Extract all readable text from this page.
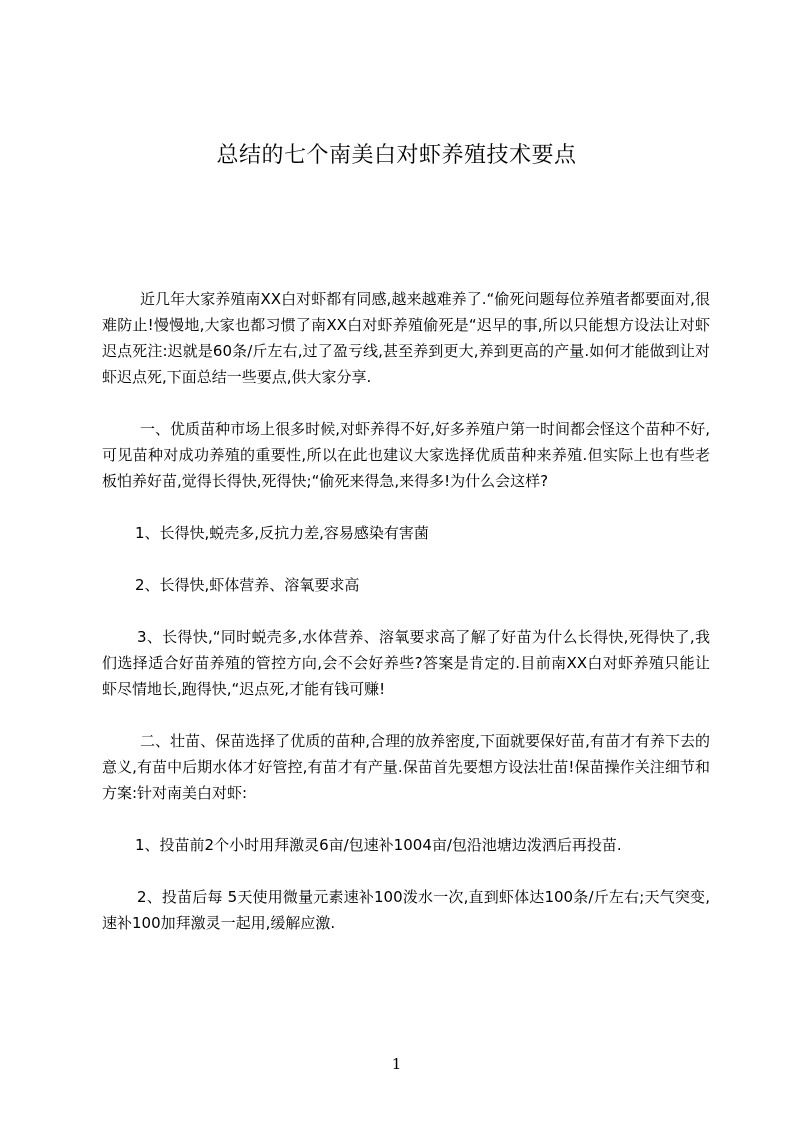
总结的七个南美白对虾养殖技术要点

近几年大家养殖南XX白对虾都有同感,越来越难养了.“偷死问题每位养殖者都要面对,很难防止!慢慢地,大家也都习惯了南XX白对虾养殖偷死是“迟早的事,所以只能想方设法让对虾迟点死注:迟就是60条/斤左右,过了盈亏线,甚至养到更大,养到更高的产量.如何才能做到让对虾迟点死,下面总结一些要点,供大家分享.

一、优质苗种市场上很多时候,对虾养得不好,好多养殖户第一时间都会怪这个苗种不好,可见苗种对成功养殖的重要性,所以在此也建议大家选择优质苗种来养殖.但实际上也有些老板怕养好苗,觉得长得快,死得快;“偷死来得急,来得多!为什么会这样?

1、长得快,蜕壳多,反抗力差,容易感染有害菌

2、长得快,虾体营养、溶氧要求高

3、长得快,“同时蜕壳多,水体营养、溶氧要求高了解了好苗为什么长得快,死得快了,我们选择适合好苗养殖的管控方向,会不会好养些?答案是肯定的.目前南XX白对虾养殖只能让虾尽情地长,跑得快,“迟点死,才能有钱可赚!

二、壮苗、保苗选择了优质的苗种,合理的放养密度,下面就要保好苗,有苗才有养下去的意义,有苗中后期水体才好管控,有苗才有产量.保苗首先要想方设法壮苗!保苗操作关注细节和方案:针对南美白对虾:

1、投苗前2个小时用拜激灵6亩/包速补1004亩/包沿池塘边泼洒后再投苗.

2、投苗后每 5天使用微量元素速补100泼水一次,直到虾体达100条/斤左右;天气突变,速补100加拜激灵一起用,缓解应激.

1
